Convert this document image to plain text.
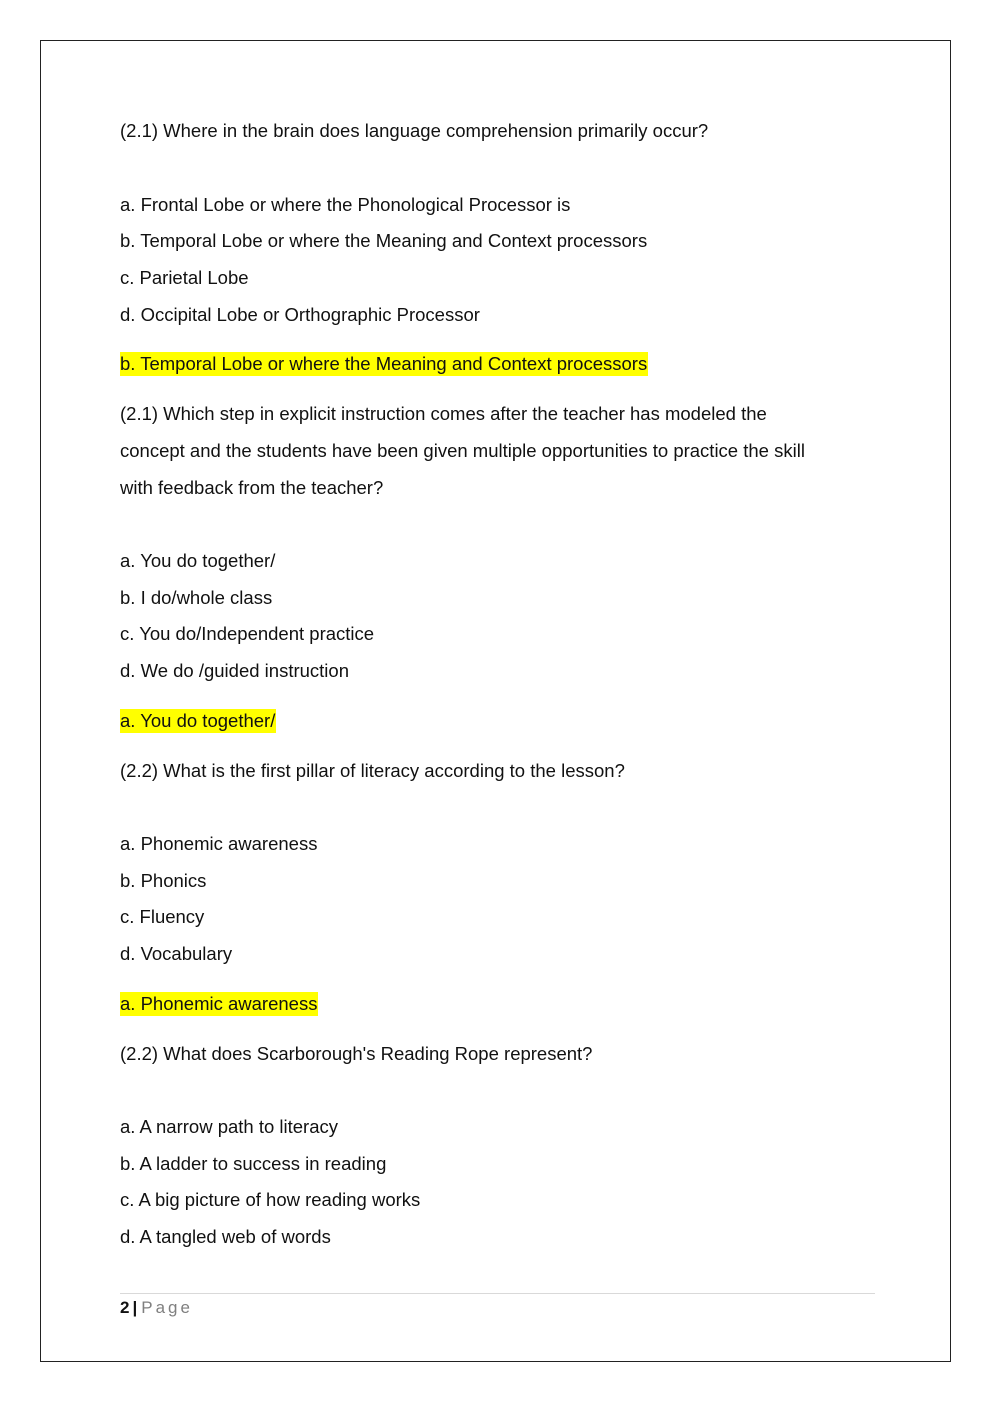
(2.1) Where in the brain does language comprehension primarily occur?
a. Frontal Lobe or where the Phonological Processor is
b. Temporal Lobe or where the Meaning and Context processors
c. Parietal Lobe
d. Occipital Lobe or Orthographic Processor
b. Temporal Lobe or where the Meaning and Context processors
(2.1) Which step in explicit instruction comes after the teacher has modeled the
concept and the students have been given multiple opportunities to practice the skill
with feedback from the teacher?
a. You do together/
b. I do/whole class
c. You do/Independent practice
d. We do /guided instruction
a. You do together/
(2.2) What is the first pillar of literacy according to the lesson?
a. Phonemic awareness
b. Phonics
c. Fluency
d. Vocabulary
a. Phonemic awareness
(2.2) What does Scarborough's Reading Rope represent?
a. A narrow path to literacy
b. A ladder to success in reading
c. A big picture of how reading works
d. A tangled web of words
2 | Page
